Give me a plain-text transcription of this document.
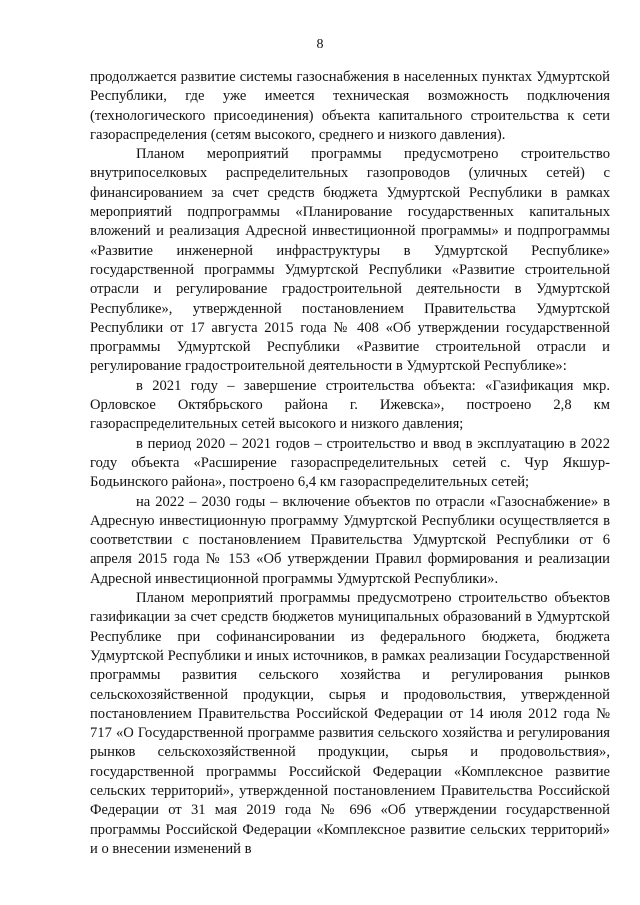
8

продолжается развитие системы газоснабжения в населенных пунктах Удмуртской Республики, где уже имеется техническая возможность подключения (технологического присоединения) объекта капитального строительства к сети газораспределения (сетям высокого, среднего и низкого давления).

Планом мероприятий программы предусмотрено строительство внутрипоселковых распределительных газопроводов (уличных сетей) с финансированием за счет средств бюджета Удмуртской Республики в рамках мероприятий подпрограммы «Планирование государственных капитальных вложений и реализация Адресной инвестиционной программы» и подпрограммы «Развитие инженерной инфраструктуры в Удмуртской Республике» государственной программы Удмуртской Республики «Развитие строительной отрасли и регулирование градостроительной деятельности в Удмуртской Республике», утвержденной постановлением Правительства Удмуртской Республики от 17 августа 2015 года № 408 «Об утверждении государственной программы Удмуртской Республики «Развитие строительной отрасли и регулирование градостроительной деятельности в Удмуртской Республике»:

в 2021 году – завершение строительства объекта: «Газификация мкр. Орловское Октябрьского района г. Ижевска», построено 2,8 км газораспределительных сетей высокого и низкого давления;

в период 2020 – 2021 годов – строительство и ввод в эксплуатацию в 2022 году объекта «Расширение газораспределительных сетей с. Чур Якшур-Бодьинского района», построено 6,4 км газораспределительных сетей;

на 2022 – 2030 годы – включение объектов по отрасли «Газоснабжение» в Адресную инвестиционную программу Удмуртской Республики осуществляется в соответствии с постановлением Правительства Удмуртской Республики от 6 апреля 2015 года № 153 «Об утверждении Правил формирования и реализации Адресной инвестиционной программы Удмуртской Республики».

Планом мероприятий программы предусмотрено строительство объектов газификации за счет средств бюджетов муниципальных образований в Удмуртской Республике при софинансировании из федерального бюджета, бюджета Удмуртской Республики и иных источников, в рамках реализации Государственной программы развития сельского хозяйства и регулирования рынков сельскохозяйственной продукции, сырья и продовольствия, утвержденной постановлением Правительства Российской Федерации от 14 июля 2012 года № 717 «О Государственной программе развития сельского хозяйства и регулирования рынков сельскохозяйственной продукции, сырья и продовольствия», государственной программы Российской Федерации «Комплексное развитие сельских территорий», утвержденной постановлением Правительства Российской Федерации от 31 мая 2019 года № 696 «Об утверждении государственной программы Российской Федерации «Комплексное развитие сельских территорий» и о внесении изменений в
